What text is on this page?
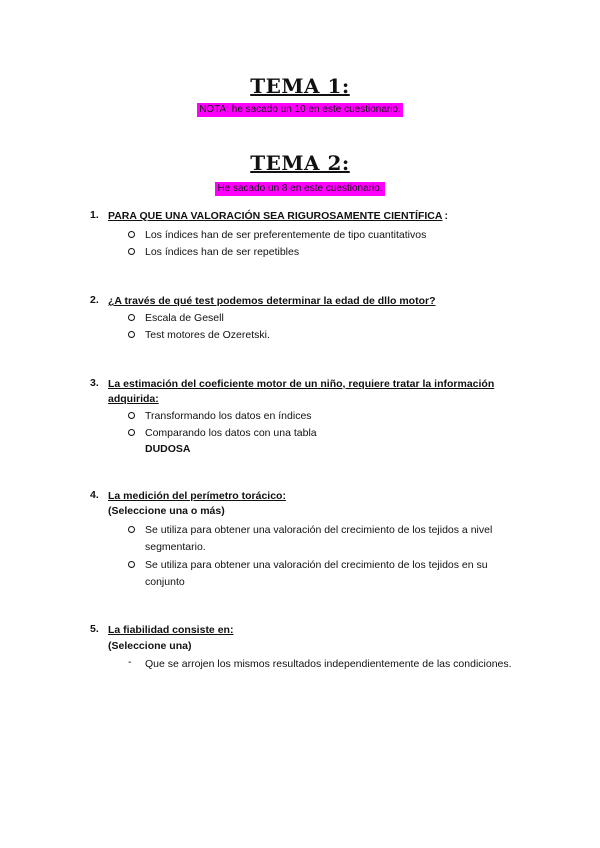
TEMA 1:
NOTA: he sacado un 10 en este cuestionario.
TEMA 2:
He sacado un 8 en este cuestionario.
1. PARA QUE UNA VALORACIÓN SEA RIGUROSAMENTE CIENTÍFICA :
Los índices han de ser preferentemente de tipo cuantitativos
Los índices han de ser repetibles
2. ¿A través de qué test podemos determinar la edad de dllo motor?
Escala de Gesell
Test motores de Ozeretski.
3. La estimación del coeficiente motor de un niño, requiere tratar la información adquirida:
Transformando los datos en índices
Comparando los datos con una tabla
DUDOSA
4. La medición del perímetro torácico:
(Seleccione una o más)
Se utiliza para obtener una valoración del crecimiento de los tejidos a nivel segmentario.
Se utiliza para obtener una valoración del crecimiento de los tejidos en su conjunto
5. La fiabilidad consiste en:
(Seleccione una)
- Que se arrojen los mismos resultados independientemente de las condiciones.
